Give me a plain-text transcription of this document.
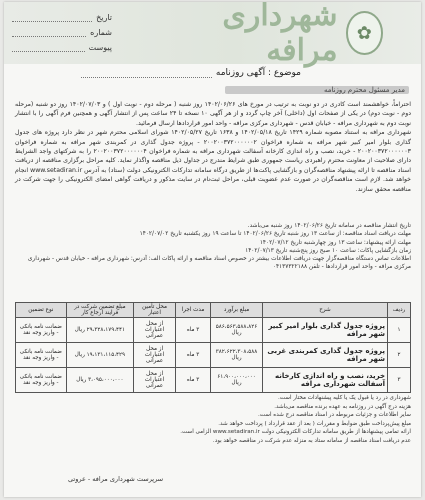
✿
شهرداری مرافه
تاریخ
شماره
پیوست
موضوع : آگهی روزنامه
مدیر مسئول محترم روزنامه

احتراماً، خواهشمند است کادری در دو نوبت به ترتیب در مورخ های ۱۴۰۲/۰۶/۲۶ روز شنبه ( مرحله دوم - نوبت اول ) و ۱۴۰۲/۰۷/۰۳ روز دو شنبه (مرحله دوم - نوبت دوم) در یکی از صفحات اول (داخلی) آخر چاپ گردد و از هر آگهی ۱۰ نسخه تا ۲۴ ساعت پس از انتشار آگهی و همچنین فرم آگهی را با انتشار نوبت دوم به شهرداری مرافه - خیابان قدس - شهرداری مرکزی مرافه - واحد امور قراردادها ارسال فرمائید.

شهرداری مرافه به استناد مصوبه شماره ۱۴۲۹ تاریخ ۱۴۰۲/۰۵/۱۸ و ۱۶۳۸ تاریخ ۱۴۰۲/۰۵/۲۷ شورای اسلامی محترم شهر در نظر دارد پروژه های جدول گذاری بلوار امیر کبیر شهر مرافه به شماره فراخوان ۲۰۰۲۰۰۳۷۲۰۰۰۰۰۰۲ - پروژه جدول گذاری در کمربندی شهر مرافه به شماره فراخوان ۲۰۰۲۰۰۳۷۲۰۰۰۰۰۰۳ - خرید، نصب و راه اندازی کارخانه آسفالت شهرداری مرافه به شماره فراخوان ۲۰۰۲۰۰۳۷۲۰۰۰۰۰۰۴ را به شرکتهای واجد الشرایط دارای صلاحیت از معاونت محترم راهبردی ریاست جمهوری طبق شرایط مندرج در جداول ذیل مناقصه واگذار نماید. کلیه مراحل برگزاری مناقصه از دریافت اسناد مناقصه تا ارائه پیشنهاد مناقصه‌گران و بازگشایی پاکت‌ها از طریق درگاه سامانه تدارکات الکترونیکی دولت (ستاد) به آدرس www.setadiran.ir انجام خواهد شد. لازم است مناقصه‌گران در صورت عدم عضویت قبلی، مراحل ثبت‌نام در سایت مذکور و دریافت گواهی امضای الکترونیکی را جهت شرکت در مناقصه محقق سازند.

تاریخ انتشار مناقصه در سامانه تاریخ ۱۴۰۲/۰۶/۲۶ روز شنبه می‌باشد.

مهلت دریافت اسناد مناقصه: از ساعت ۱۳ روز شنبه تاریخ ۱۴۰۲/۰۶/۲۶ تا ساعت ۱۹ روز یکشنبه تاریخ ۱۴۰۲/۰۷/۰۲

مهلت ارائه پیشنهاد: ساعت ۱۳ روز چهارشنبه تاریخ ۱۴۰۲/۰۷/۱۲

زمان بازگشایی پاکات: ساعت ۱۰ صبح روز پنج‌شنبه تاریخ ۱۴۰۲/۰۷/۱۳

اطلاعات تماس دستگاه مناقصه‌گزار جهت دریافت اطلاعات بیشتر در خصوص اسناد مناقصه و ارائه پاکات الف: آدرس: شهرداری مرافه - خیابان قدس - شهرداری مرکزی مرافه - واحد امور قراردادها - تلفن ۰۴۱۳۷۳۲۲۱۸۸

ردیف	شرح	مبلغ برآورد	مدت اجرا	محل تأمین اعتبار	مبلغ تضمین شرکت در فرایند ارجاع کار	نوع تضمین
۱	پروژه جدول گذاری بلوار امیر کبیر شهر مرافه	۵۸۶،۵۶۳،۵۸۸،۸۲۶ ریال	۳ ماه	از محل اعتبارات عمرانی	۲۹،۳۲۸،۱۷۹،۴۴۱ ریال	ضمانت نامه بانکی - واریز وجه نقد
۲	پروژه جدول گذاری کمربندی غربی شهر مرافه	۳۸۲،۶۲۲،۳۰۸،۵۸۸ ریال	۳ ماه	از محل اعتبارات عمرانی	۱۹،۱۳۱،۱۱۵،۴۲۹ ریال	ضمانت نامه بانکی - واریز وجه نقد
۳	خرید، نصب و راه اندازی کارخانه آسفالت شهرداری مرافه	۶۱،۹۰۰،۰۰۰،۰۰۰ ریال	۳ ماه	از محل اعتبارات عمرانی	۳،۰۹۵،۰۰۰،۰۰۰ ریال	ضمانت نامه بانکی - واریز وجه نقد

شهرداری در رد یا قبول یک یا کلیه پیشنهادات مختار است.

هزینه درج آگهی در روزنامه به عهده برنده مناقصه می‌باشد.

سایر اطلاعات و جزئیات مربوطه در اسناد مناقصه درج شده است.

مبلغ پیش‌پرداخت طبق ضوابط و مقررات ( بعد از عقد قرارداد ) پرداخت خواهد شد.

ارائه تمامی پیشنهادها از طریق سامانه تدارکات الکترونیکی دولت www.setadiran.ir الزامی است.

عدم دریافت اسناد مناقصه از سامانه ستاد به منزله عدم شرکت در مناقصه خواهد بود.

سرپرست شهرداری مرافه - عروتی
